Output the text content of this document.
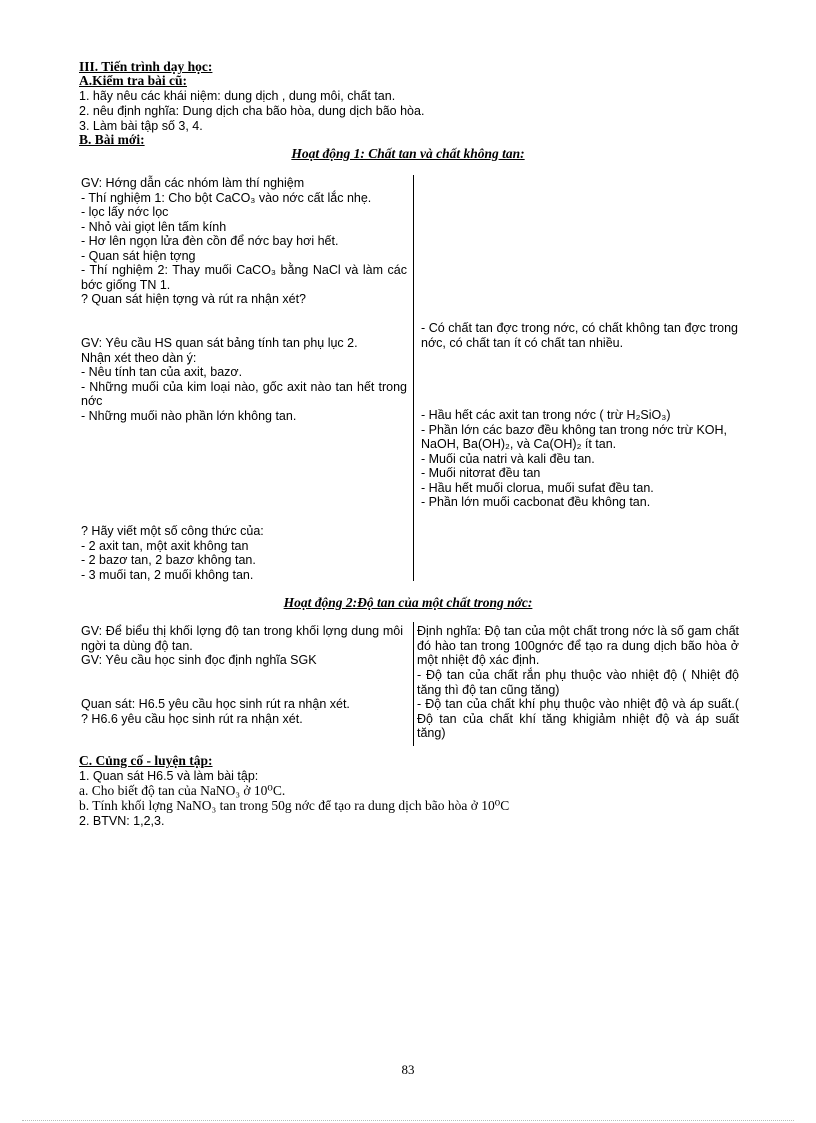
III. Tiến trình dạy học:
A.Kiểm tra bài cũ:
1. hãy nêu các khái niệm: dung dịch , dung môi, chất tan.
2. nêu định nghĩa: Dung dịch cha bão hòa, dung dịch bão hòa.
3. Làm bài tập số 3, 4.
B. Bài mới:
Hoạt động 1: Chất tan và chất không tan:

GV: Hớng dẫn các nhóm làm thí nghiệm

- Thí nghiệm 1: Cho bột CaCO₃ vào nớc cất lắc nhẹ.

- lọc lấy nớc lọc

- Nhỏ vài giọt lên tấm kính

- Hơ lên ngọn lửa đèn cồn để nớc bay hơi hết.

- Quan sát hiện tợng

- Thí nghiệm 2: Thay muối CaCO₃ bằng NaCl và làm các bớc giống TN 1.

? Quan sát hiện tợng và rút ra nhận xét?

GV: Yêu cầu HS quan sát bảng tính tan phụ lục 2.

Nhận xét theo dàn ý:

- Nêu tính tan của axit, bazơ.

- Những muối của kim loại nào, gốc axit nào tan hết trong nớc

- Những muối nào phần lớn không tan.

? Hãy viết một số công thức của:

- 2 axit tan, một axit không tan

- 2 bazơ tan, 2 bazơ không tan.

- 3 muối tan, 2 muối không tan.

- Có chất tan đợc trong nớc, có chất không tan đợc trong nớc, có chất tan ít có chất tan nhiều.

- Hầu hết các axit tan trong nớc ( trừ H₂SiO₃)

- Phần lớn các bazơ đều không tan trong nớc trừ KOH, NaOH, Ba(OH)₂, và Ca(OH)₂ ít tan.

- Muối của natri và kali đều tan.

- Muối nitơrat đều tan

- Hầu hết muối clorua, muối sufat đều tan.

- Phần lớn muối cacbonat đều không tan.

Hoạt động 2:Độ tan của một chất trong nớc:

GV: Để biểu thị khối lợng độ tan trong khối lợng dung môi ngời ta dùng độ tan.

GV: Yêu cầu học sinh đọc định nghĩa SGK

Quan sát: H6.5 yêu cầu học sinh rút ra nhận xét.

? H6.6 yêu cầu học sinh rút ra nhận xét.

Định nghĩa: Độ tan của một chất trong nớc là số gam chất đó hào tan trong 100gnớc để tạo ra dung dịch bão hòa ở một nhiệt độ xác định.

- Độ tan của chất rắn phụ thuộc vào nhiệt độ ( Nhiệt độ tăng thì độ tan cũng tăng)

- Độ tan của chất khí phụ thuộc vào nhiệt độ và áp suất.( Độ tan của chất khí tăng khigiảm nhiệt độ và áp suất tăng)

C. Củng cố - luyện tập:
1. Quan sát H6.5 và làm bài tập:
a. Cho biết độ tan của NaNO₃ ở 10⁰C.
b. Tính khối lợng NaNO₃ tan trong 50g nớc để tạo ra dung dịch bão hòa ở 10⁰C
2. BTVN: 1,2,3.
83
